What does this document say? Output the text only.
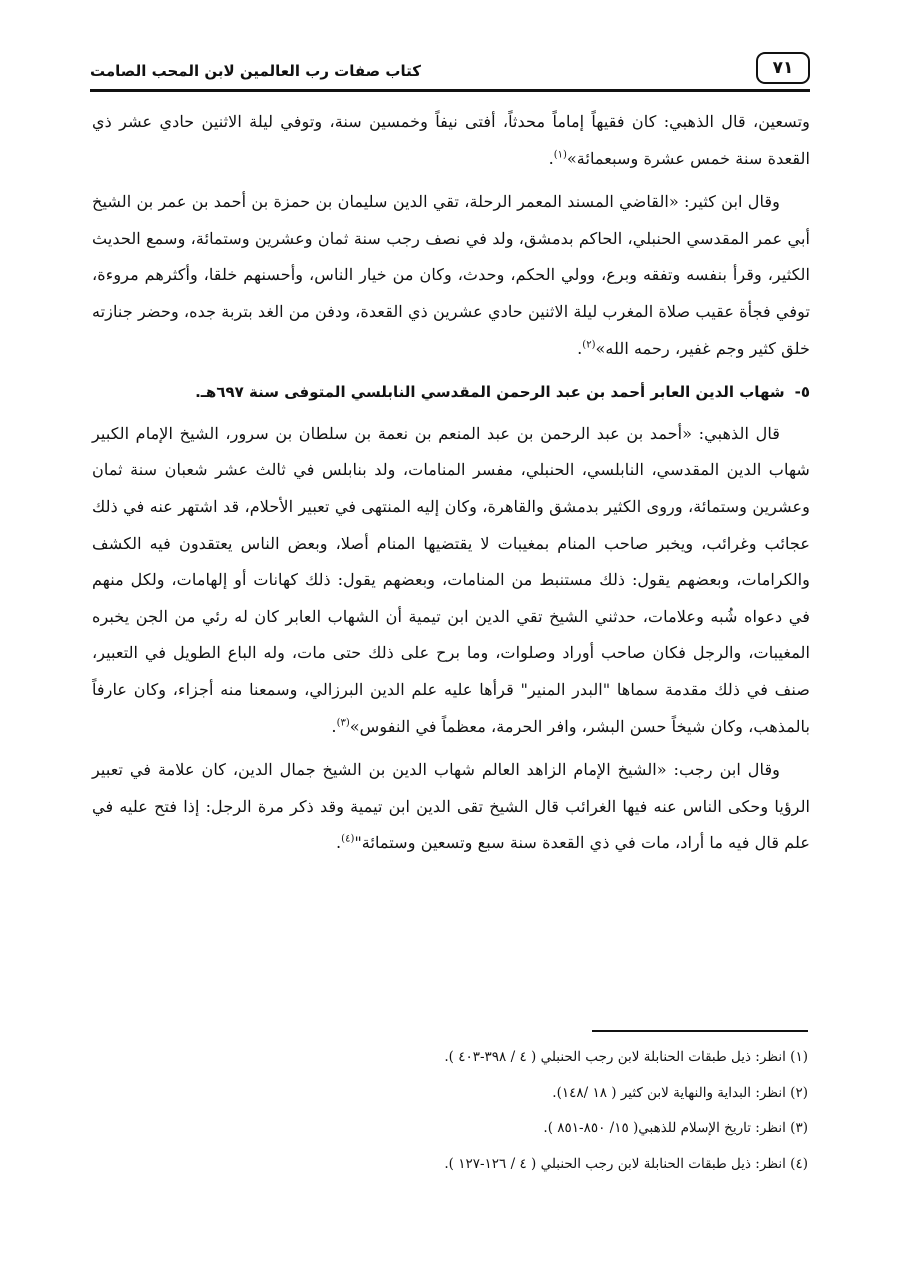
٧١
كتاب صفات رب العالمين لابن المحب الصامت

وتسعين، قال الذهبي: كان فقيهاً إماماً محدثاً، أفتى نيفاً وخمسين سنة، وتوفي ليلة الاثنين حادي عشر ذي القعدة سنة خمس عشرة وسبعمائة»$^{(١)}$.

وقال ابن كثير: «القاضي المسند المعمر الرحلة، تقي الدين سليمان بن حمزة بن أحمد بن عمر بن الشيخ أبي عمر المقدسي الحنبلي، الحاكم بدمشق، ولد في نصف رجب سنة ثمان وعشرين وستمائة، وسمع الحديث الكثير، وقرأ بنفسه وتفقه وبرع، وولي الحكم، وحدث، وكان من خيار الناس، وأحسنهم خلقا، وأكثرهم مروءة، توفي فجأة عقيب صلاة المغرب ليلة الاثنين حادي عشرين ذي القعدة، ودفن من الغد بتربة جده، وحضر جنازته خلق كثير وجم غفير، رحمه الله»$^{(٢)}$.

٥-شهاب الدين العابر أحمد بن عبد الرحمن المقدسي النابلسي المتوفى سنة ٦٩٧هـ.

قال الذهبي: «أحمد بن عبد الرحمن بن عبد المنعم بن نعمة بن سلطان بن سرور، الشيخ الإمام الكبير شهاب الدين المقدسي، النابلسي، الحنبلي، مفسر المنامات، ولد بنابلس في ثالث عشر شعبان سنة ثمان وعشرين وستمائة، وروى الكثير بدمشق والقاهرة، وكان إليه المنتهى في تعبير الأحلام، قد اشتهر عنه في ذلك عجائب وغرائب، ويخبر صاحب المنام بمغيبات لا يقتضيها المنام أصلا، وبعض الناس يعتقدون فيه الكشف والكرامات، وبعضهم يقول: ذلك مستنبط من المنامات، وبعضهم يقول: ذلك كهانات أو إلهامات، ولكل منهم في دعواه شُبه وعلامات، حدثني الشيخ تقي الدين ابن تيمية أن الشهاب العابر كان له رئي من الجن يخبره المغيبات، والرجل فكان صاحب أوراد وصلوات، وما برح على ذلك حتى مات، وله الباع الطويل في التعبير، صنف في ذلك مقدمة سماها "البدر المنير" قرأها عليه علم الدين البرزالي، وسمعنا منه أجزاء، وكان عارفاً بالمذهب، وكان شيخاً حسن البشر، وافر الحرمة، معظماً في النفوس»$^{(٣)}$.

وقال ابن رجب: «الشيخ الإمام الزاهد العالم شهاب الدين بن الشيخ جمال الدين، كان علامة في تعبير الرؤيا وحكى الناس عنه فيها الغرائب قال الشيخ تقى الدين ابن تيمية وقد ذكر مرة الرجل: إذا فتح عليه في علم قال فيه ما أراد، مات في ذي القعدة سنة سبع وتسعين وستمائة"$^{(٤)}$.

(١) انظر: ذيل طبقات الحنابلة لابن رجب الحنبلي ( ٤ / ٣٩٨-٤٠٣ ).
(٢) انظر: البداية والنهاية لابن كثير ( ١٨ /١٤٨).
(٣) انظر: تاريخ الإسلام للذهبي( ١٥/ ٨٥٠-٨٥١ ).
(٤) انظر: ذيل طبقات الحنابلة لابن رجب الحنبلي ( ٤ / ١٢٦-١٢٧ ).
